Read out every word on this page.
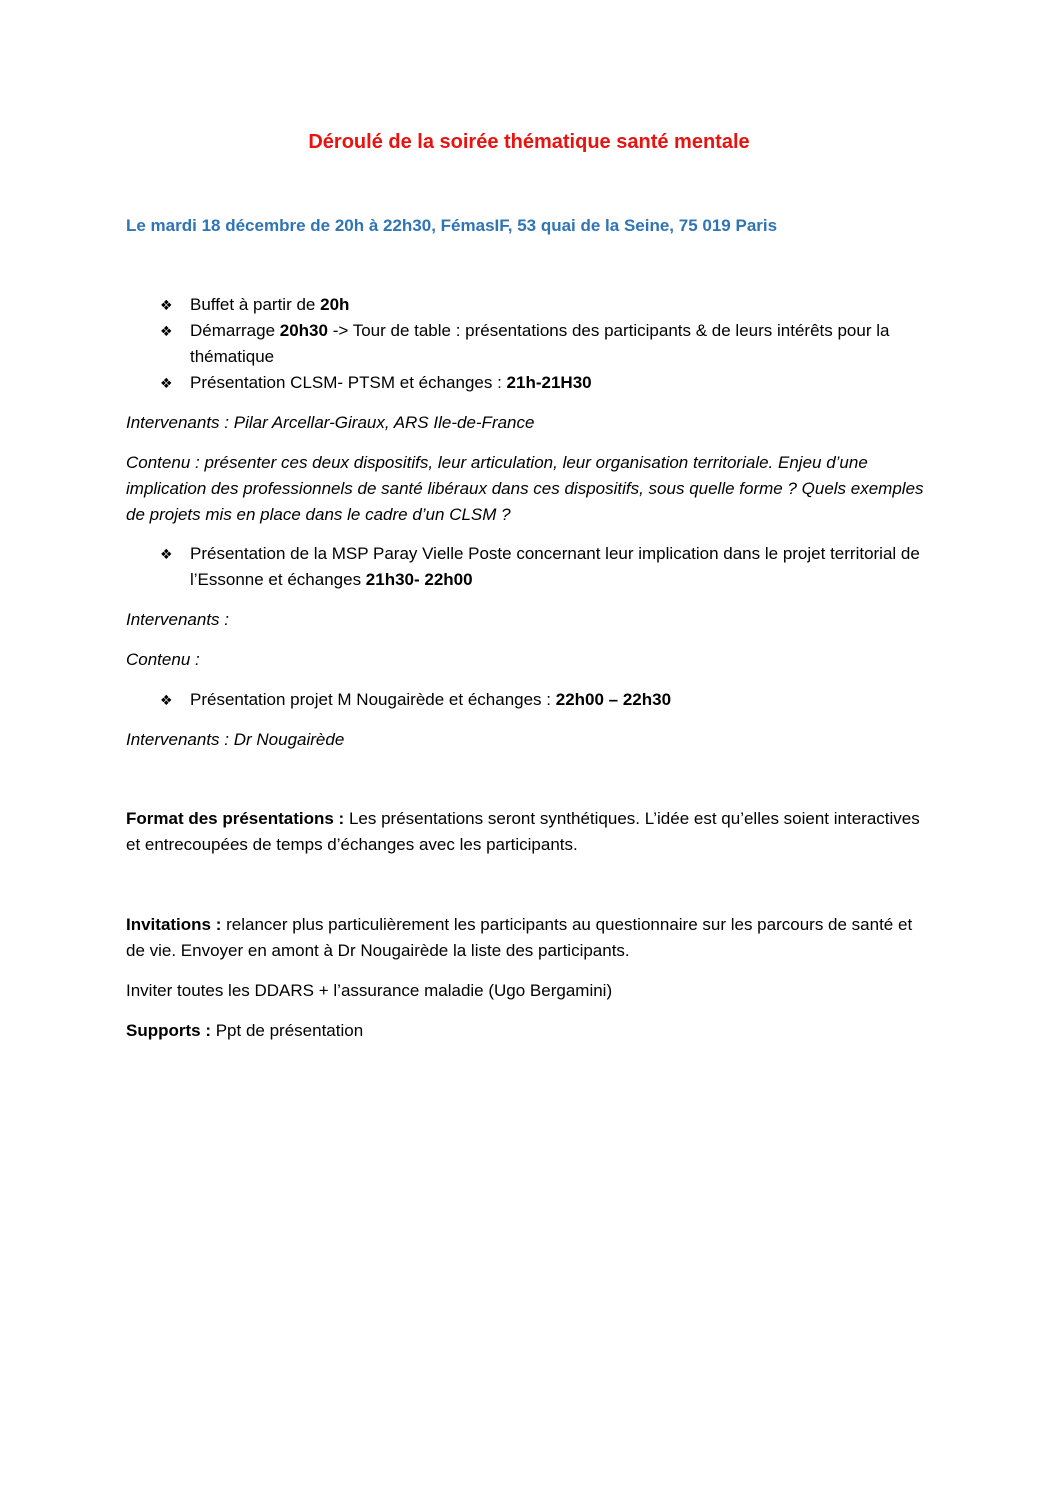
Déroulé de la soirée thématique santé mentale
Le mardi 18 décembre de 20h à 22h30, FémasIF, 53 quai de la Seine, 75 019 Paris
❖ Buffet à partir de 20h
❖ Démarrage 20h30 -> Tour de table : présentations des participants & de leurs intérêts pour la thématique
❖ Présentation CLSM- PTSM et échanges : 21h-21H30

Intervenants : Pilar Arcellar-Giraux, ARS Ile-de-France

Contenu : présenter ces deux dispositifs, leur articulation, leur organisation territoriale. Enjeu d’une implication des professionnels de santé libéraux dans ces dispositifs, sous quelle forme ? Quels exemples de projets mis en place dans le cadre d’un CLSM ?

❖ Présentation de la MSP Paray Vielle Poste concernant leur implication dans le projet territorial de l’Essonne et échanges 21h30- 22h00

Intervenants :

Contenu :

❖ Présentation projet M Nougairède et échanges : 22h00 – 22h30

Intervenants : Dr Nougairède

Format des présentations : Les présentations seront synthétiques. L’idée est qu’elles soient interactives et entrecoupées de temps d’échanges avec les participants.

Invitations : relancer plus particulièrement les participants au questionnaire sur les parcours de santé et de vie. Envoyer en amont à Dr Nougairède la liste des participants.

Inviter toutes les DDARS + l’assurance maladie (Ugo Bergamini)

Supports : Ppt de présentation
